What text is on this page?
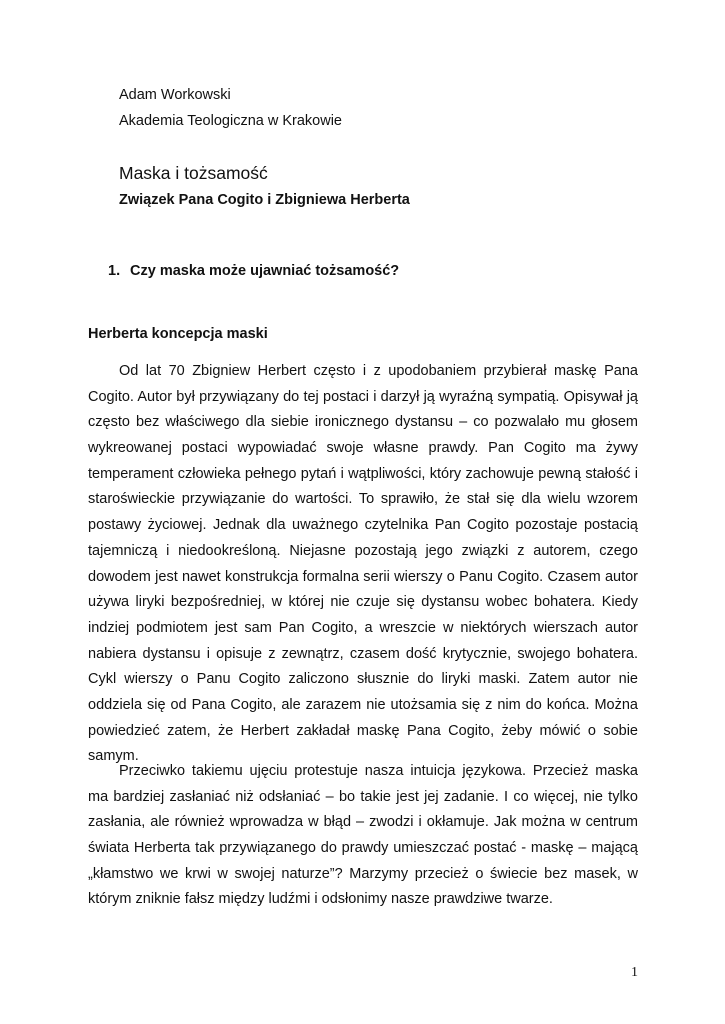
Adam Workowski

Akademia Teologiczna w Krakowie

Maska i tożsamość
Związek Pana Cogito i Zbigniewa Herberta
1. Czy maska może ujawniać tożsamość?
Herberta koncepcja maski
Od lat 70 Zbigniew Herbert często i z upodobaniem przybierał maskę Pana
Cogito. Autor był przywiązany do tej postaci i darzył ją wyraźną sympatią. Opisywał ją
często bez właściwego dla siebie ironicznego dystansu – co pozwalało mu głosem
wykreowanej postaci wypowiadać swoje własne prawdy. Pan Cogito ma żywy
temperament człowieka pełnego pytań i wątpliwości, który zachowuje pewną stałość i
staroświeckie przywiązanie do wartości. To sprawiło, że stał się dla wielu wzorem
postawy życiowej. Jednak dla uważnego czytelnika Pan Cogito pozostaje postacią
tajemniczą i niedookreśloną. Niejasne pozostają jego związki z autorem, czego
dowodem jest nawet konstrukcja formalna serii wierszy o Panu Cogito. Czasem autor
używa liryki bezpośredniej, w której nie czuje się dystansu wobec bohatera. Kiedy
indziej podmiotem jest sam Pan Cogito, a wreszcie w niektórych wierszach autor
nabiera dystansu i opisuje z zewnątrz, czasem dość krytycznie, swojego bohatera.
Cykl wierszy o Panu Cogito zaliczono słusznie do liryki maski. Zatem autor nie
oddziela się od Pana Cogito, ale zarazem nie utożsamia się z nim do końca. Można
powiedzieć zatem, że Herbert zakładał maskę Pana Cogito, żeby mówić o sobie
samym.
Przeciwko takiemu ujęciu protestuje nasza intuicja językowa. Przecież maska
ma bardziej zasłaniać niż odsłaniać – bo takie jest jej zadanie. I co więcej, nie tylko
zasłania, ale również wprowadza w błąd – zwodzi i okłamuje. Jak można w centrum
świata Herberta tak przywiązanego do prawdy umieszczać postać - maskę – mającą
„kłamstwo we krwi w swojej naturze”? Marzymy przecież o świecie bez masek, w
którym zniknie fałsz między ludźmi i odsłonimy nasze prawdziwe twarze.
1
